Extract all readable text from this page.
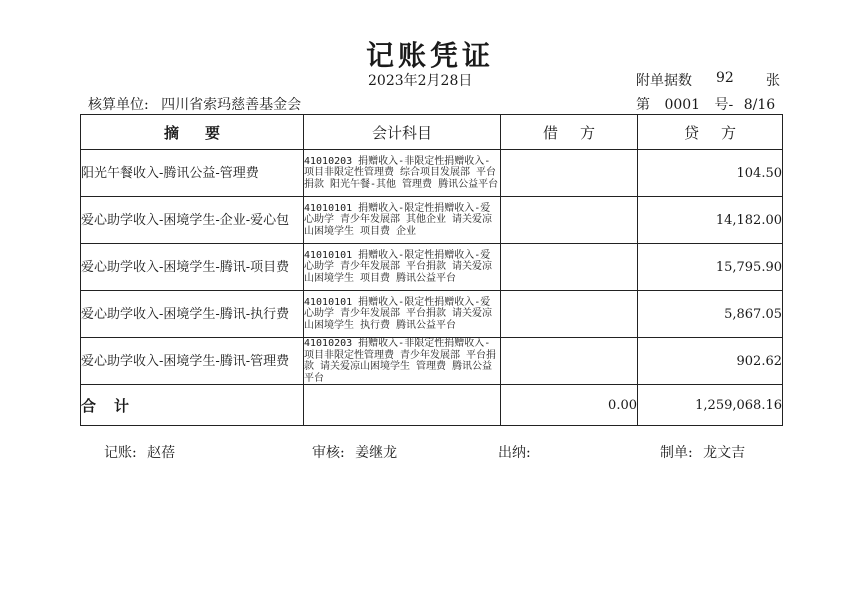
记账凭证
2023年2月28日	附单据数 92 张
核算单位: 四川省索玛慈善基金会	第 0001 号- 8/16
摘要	会计科目	借方	贷方
阳光午餐收入-腾讯公益-管理费	41010203 捐赠收入-非限定性捐赠收入-项目非限定性管理费 综合项目发展部 平台捐款 阳光午餐-其他 管理费 腾讯公益平台		104.50
爱心助学收入-困境学生-企业-爱心包	41010101 捐赠收入-限定性捐赠收入-爱心助学 青少年发展部 其他企业 请关爱凉山困境学生 项目费 企业		14,182.00
爱心助学收入-困境学生-腾讯-项目费	41010101 捐赠收入-限定性捐赠收入-爱心助学 青少年发展部 平台捐款 请关爱凉山困境学生 项目费 腾讯公益平台		15,795.90
爱心助学收入-困境学生-腾讯-执行费	41010101 捐赠收入-限定性捐赠收入-爱心助学 青少年发展部 平台捐款 请关爱凉山困境学生 执行费 腾讯公益平台		5,867.05
爱心助学收入-困境学生-腾讯-管理费	41010203 捐赠收入-非限定性捐赠收入-项目非限定性管理费 青少年发展部 平台捐款 请关爱凉山困境学生 管理费 腾讯公益平台		902.62
合计		0.00	1,259,068.16
记账: 赵蓓	审核: 姜继龙	出纳:	制单: 龙文吉
